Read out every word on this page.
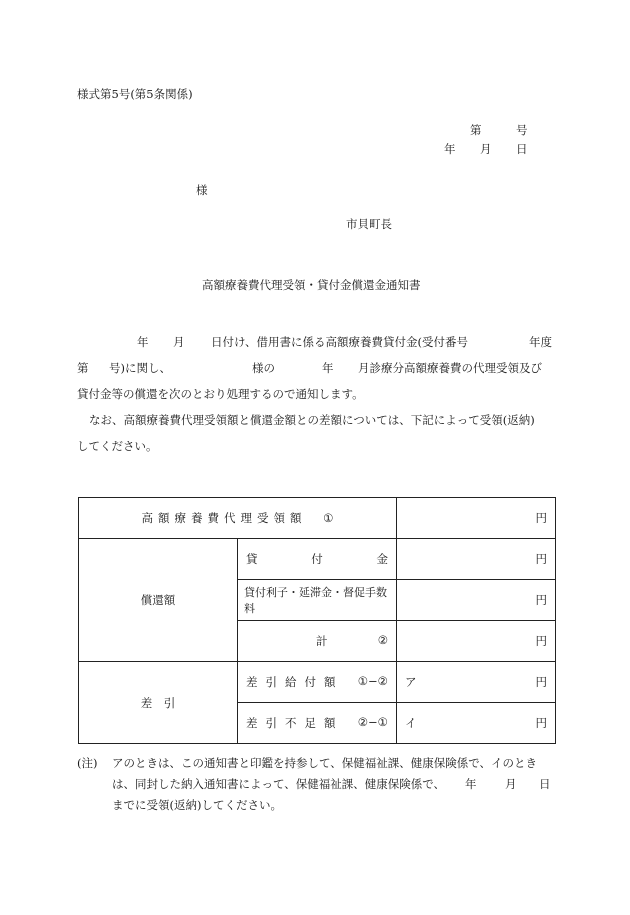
様式第5号(第5条関係)
第	号
年 月 日
様
市貝町長
高額療養費代理受領・貸付金償還金通知書
年 月 日付け、借用書に係る高額療養費貸付金(受付番号	年度
第 号)に関し、	様の	年 月診療分高額療養費の代理受領及び
貸付金等の償還を次のとおり処理するので通知します。
なお、高額療養費代理受領額と償還金額との差額については、下記によって受領(返納)
してください。
高額療養費代理受領額 ①		円

償還額	貸 付 金	円

	貸付利子・延滞金・督促手数料	円

	計 ②	円

差　引	差引給付額 ①−②	ア 円

	差引不足額 ②−①	イ 円
(注)	アのときは、この通知書と印鑑を持参して、保健福祉課、健康保険係で、イのとき
は、同封した納入通知書によって、保健福祉課、健康保険係で、 年 月 日
までに受領(返納)してください。
